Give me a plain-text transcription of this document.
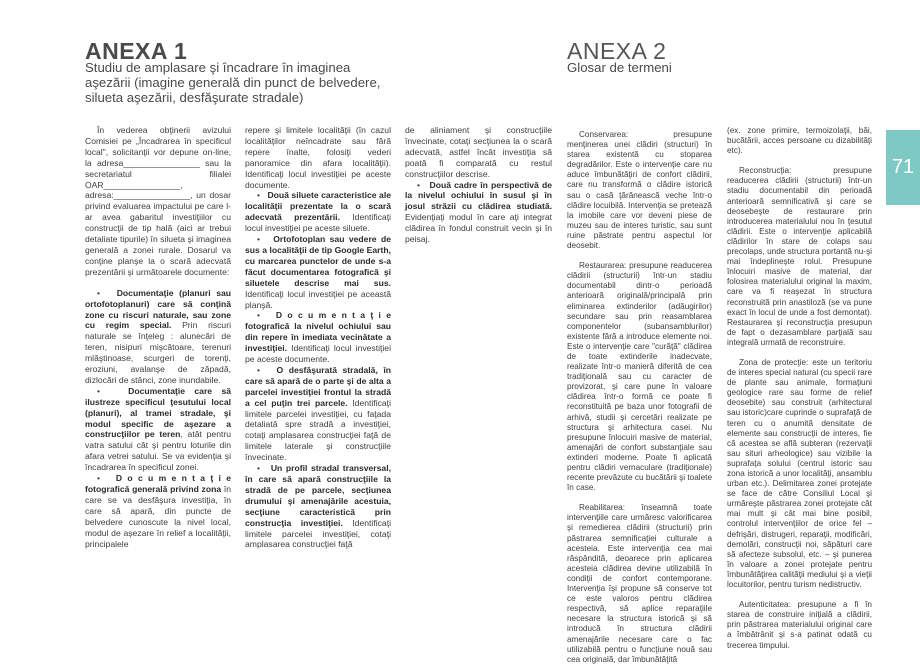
71
ANEXA 1
Studiu de amplasare şi încadrare în imaginea aşezării (imagine generală din punct de belvedere, silueta aşezării, desfăşurate stradale)

În vederea obţinerii avizului Comisiei pe „Încadrarea în specificul local", solicitanţii vor depune on-line, la adresa________________ sau la secretariatul filialei OAR________________, adresa:________________, un dosar privind evaluarea impactului pe care l-ar avea gabaritul investiţiilor cu construcţii de tip hală (aici ar trebui detaliate tipurile) în silueta şi imaginea generală a zonei rurale. Dosarul va conţine planşe la o scară adecvată prezentării şi următoarele documente:

•   Documentaţie (planuri sau ortofotoplanuri) care să conţină zone cu riscuri naturale, sau zone cu regim special. Prin riscuri naturale se înţeleg : alunecări de teren, nisipuri mişcătoare, terenuri mlăştinoase, scurgeri de torenţi, eroziuni, avalanşe de zăpadă, dizlocări de stânci, zone inundabile.

•   Documentaţie care să ilustreze specificul ţesutului local (planuri), al tramei stradale, şi modul specific de aşezare a construcţiilor pe teren, atât pentru vatra satului cât şi pentru loturile din afara vetrei satului. Se va evidenţia şi încadrarea în specificul zonei.

•   D o c u m e n t a ţ i e fotografică generală privind zona în care se va desfăşura investiţia, în care să apară, din puncte de belvedere cunoscute la nivel local, modul de aşezare în relief a localităţii, principalele

repere şi limitele localităţii (în cazul localităţilor neîncadrate sau fără repere înalte, folosiţi vederi panoramice din afara localităţii). Identificaţi locul investiţiei pe aceste documente.

•   Două siluete caracteristice ale localităţii prezentate la o scară adecvată prezentării. Identificaţi locul investiţiei pe aceste siluete.

•   Ortofotoplan sau vedere de sus a localităţii de tip Google Earth, cu marcarea punctelor de unde s-a făcut documentarea fotografică şi siluetele descrise mai sus. Identificaţi locul investiţiei pe această planşă.

•   D o c u m e n t a ţ i e fotografică la nivelul ochiului sau din repere în imediata vecinătate a investiţiei. Identificaţi locul investiţiei pe aceste documente.

•   O desfăşurată stradală, în care să apară de o parte şi de alta a parcelei investiţiei frontul la stradă a cel puţin trei parcele. Identificaţi limitele parcelei investiţiei, cu faţada detaliată spre stradă a investiţiei, cotaţi amplasarea construcţiei faţă de limitele laterale şi construcţiile învecinate.

•   Un profil stradal transversal, în care să apară construcţiile la stradă de pe parcele, secţiunea drumului şi amenajările acestuia, secţiune caracteristică prin construcţia investiţiei. Identificaţi limitele parcelei investiţiei, cotaţi amplasarea construcţiei faţă

de aliniament şi construcţiile învecinate, cotaţi secţiunea la o scară adecvată, astfel încât investiţia să poată fi comparată cu restul construcţiilor descrise.

•   Două cadre în perspectivă de la nivelul ochiului în susul şi în josul străzii cu clădirea studiată. Evidenţiaţi modul în care aţi integrat clădirea în fondul construit vecin şi în peisaj.

ANEXA 2
Glosar de termeni

Conservarea: presupune menţinerea unei clădiri (structuri) în starea existentă cu stoparea degradărilor. Este o intervenţie care nu aduce îmbunătăţiri de confort clădirii, care nu transformă o clădire istorică sau o casă ţărănească veche într-o clădire locuibilă. Intervenţia se pretează la imobile care vor deveni piese de muzeu sau de interes turistic, sau sunt ruine păstrate pentru aspectul lor deosebit.

Restaurarea: presupune readucerea clădirii (structurii) într-un stadiu documentabil dintr-o perioadă anterioară originală/principală prin eliminarea extinderilor (adăugirilor) secundare sau prin reasamblarea componentelor (subansamblurilor) existente fără a introduce elemente noi. Este o intervenţie care "curăţă" clădirea de toate extinderile inadecvate, realizate într-o manieră diferită de cea tradiţională sau cu caracter de provizorat, şi care pune în valoare clădirea într-o formă ce poate fi reconstituită pe baza unor fotografii de arhivă, studii şi cercetări realizate pe structura şi arhitectura casei. Nu presupune înlocuiri masive de material, amenajări de confort substanţiale sau extinderi moderne. Poate fi aplicată pentru clădiri vernaculare (tradiţionale) recente prevăzute cu bucătării şi toalete în case.

Reabilitarea: înseamnă toate intervenţiile care urmăresc valorificarea şi remedierea clădirii (structurii) prin păstrarea semnificaţiei culturale a acesteia. Este intervenţia cea mai răspândită, deoarece prin aplicarea acesteia clădirea devine utilizabilă în condiţii de confort contemporane. Intervenţia îşi propune să conserve tot ce este valoros pentru clădirea respectivă, să aplice reparaţiile necesare la structura istorică şi să introducă în structura clădirii amenajările necesare care o fac utilizabilă pentru o funcţiune nouă sau cea originală, dar îmbunătăţită

(ex. zone primire, termoizolaţii, băi, bucătării, acces persoane cu dizabilităţi etc).

Reconstrucţia: presupune readucerea clădirii (structurii) într-un stadiu documentabil din perioadă anterioară semnificativă şi care se deosebeşte de restaurare prin introducerea materialului nou în ţesutul clădirii. Este o intervenţie aplicabilă clădirilor în stare de colaps sau precolaps, unde structura portantă nu-şi mai îndeplineşte rolul. Presupune înlocuiri masive de material, dar folosirea materialului original la maxim, care va fi reaşezat în structura reconstruită prin anastiloză (se va pune exact în locul de unde a fost demontat). Restaurarea şi reconstrucţia presupun de fapt o dezasamblare parţială sau integrală urmată de reconstruire.

Zona de protecţie: este un teritoriu de interes special natural (cu specii rare de plante sau animale, formaţiuni geologice rare sau forme de relief deosebite) sau construit (arhitectural sau istoric)care cuprinde o suprafaţă de teren cu o anumită densitate de elemente sau construcţii de interes, fie că acestea se află subteran (rezervaţii sau situri arheologice) sau vizibile la suprafaţa solului (centrul istoric sau zona istorică a unor localităţi, ansamblu urban etc.). Delimitarea zonei protejate se face de către Consiliul Local şi urmăreşte păstrarea zonei protejate cât mai mult şi cât mai bine posibil, controlul intervenţiilor de orice fel – defrişări, distrugeri, reparaţii, modificări, demolări, construcţii noi, săpături care să afecteze subsolul, etc. – şi punerea în valoare a zonei protejate pentru îmbunătăţirea calităţii mediului şi a vieţii locuitorilor, pentru turism nedistructiv.

Autenticitatea: presupune a fi în starea de construire iniţială a clădirii, prin păstrarea materialului original care a îmbătrânit şi s-a patinat odată cu trecerea timpului.
